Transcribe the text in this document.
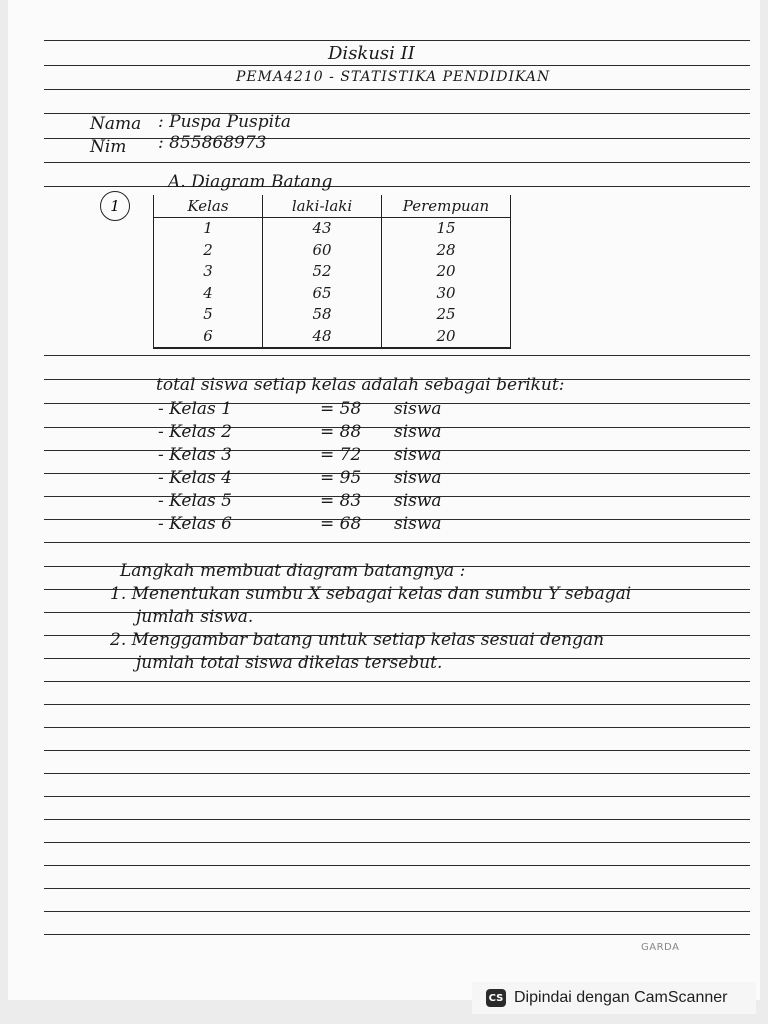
Diskusi II
PEMA4210 - STATISTIKA PENDIDIKAN
Nama : Puspa Puspita
Nim : 855868973
1
A. Diagram Batang
Kelas	laki-laki	Perempuan
1	43	15
2	60	28
3	52	20
4	65	30
5	58	25
6	48	20
total siswa setiap kelas adalah sebagai berikut:
- Kelas 1	= 58 siswa
- Kelas 2	= 88 siswa
- Kelas 3	= 72 siswa
- Kelas 4	= 95 siswa
- Kelas 5	= 83 siswa
- Kelas 6	= 68 siswa
Langkah membuat diagram batangnya :
1. Menentukan sumbu X sebagai kelas dan sumbu Y sebagai
jumlah siswa.
2. Menggambar batang untuk setiap kelas sesuai dengan
jumlah total siswa dikelas tersebut.
GARDA
CS Dipindai dengan CamScanner
